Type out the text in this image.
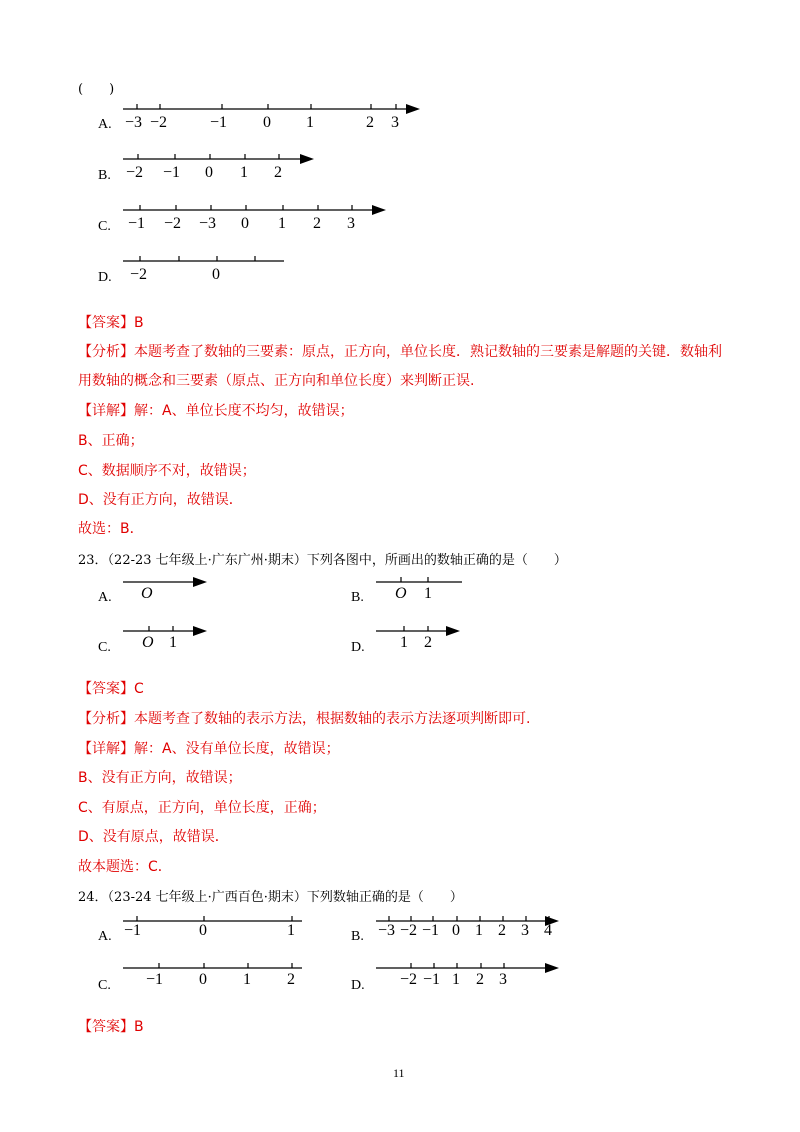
(　　)
A. −3 −2	−1 0 1	2 3
B. −2 −1 0 1 2
C. −1 −2 −3 0 1 2 3
D. −2	0
【答案】B
【分析】本题考查了数轴的三要素：原点，正方向，单位长度．熟记数轴的三要素是解题的关键．数轴利
用数轴的概念和三要素（原点、正方向和单位长度）来判断正误.
【详解】解：A、单位长度不均匀，故错误；
B、正确；
C、数据顺序不对，故错误；
D、没有正方向，故错误．
故选：B．
23．（22-23 七年级上·广东广州·期末）下列各图中，所画出的数轴正确的是（　　）
A. O	B. O 1
C. O 1	D. 1 2
【答案】C
【分析】本题考查了数轴的表示方法，根据数轴的表示方法逐项判断即可.
【详解】解：A、没有单位长度，故错误；
B、没有正方向，故错误；
C、有原点，正方向，单位长度，正确；
D、没有原点，故错误．
故本题选：C．
24．（23-24 七年级上·广西百色·期末）下列数轴正确的是（　　）
A. −1	0	1	B. −3 −2 −1 0 1 2 3 4
C. −1 0 1 2	D. −2 −1 1 2 3
【答案】B
11
